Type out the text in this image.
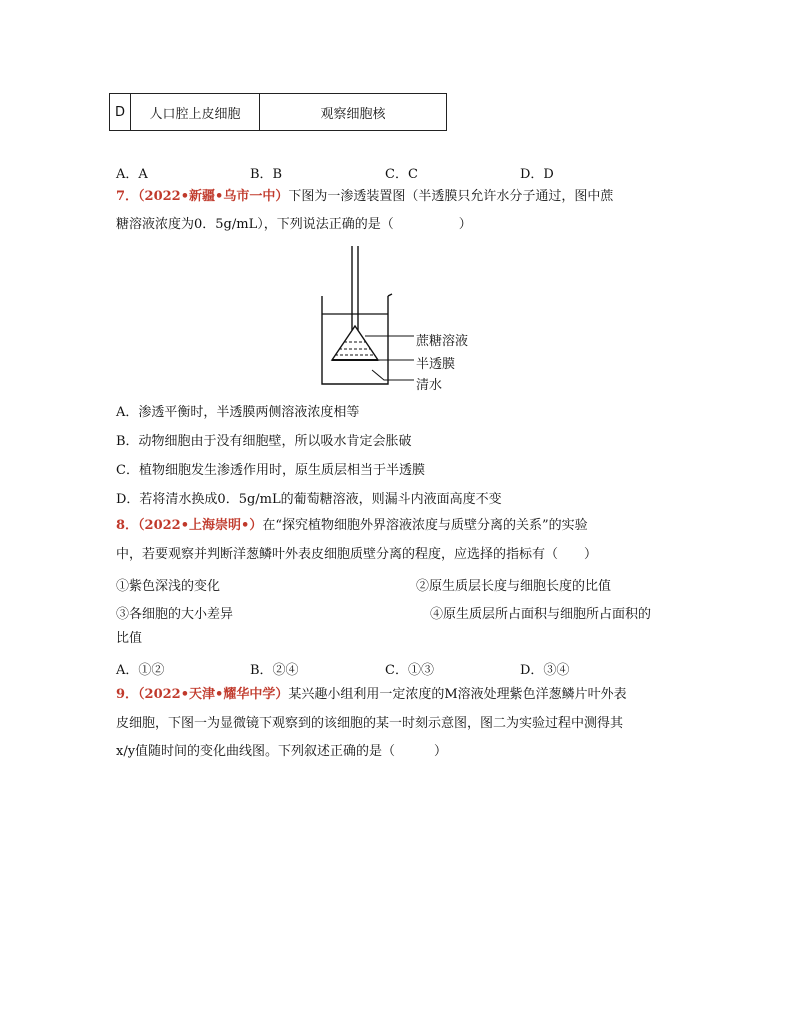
D	人口腔上皮细胞	观察细胞核
A．A	B．B	C．C	D．D
7．（2022•新疆•乌市一中）下图为一渗透装置图（半透膜只允许水分子通过，图中蔗
糖溶液浓度为0．5g/mL），下列说法正确的是（　　　　　）
蔗糖溶液
半透膜
清水
A．渗透平衡时，半透膜两侧溶液浓度相等
B．动物细胞由于没有细胞壁，所以吸水肯定会胀破
C．植物细胞发生渗透作用时，原生质层相当于半透膜
D．若将清水换成0．5g/mL的葡萄糖溶液，则漏斗内液面高度不变
8．（2022•上海崇明•）在“探究植物细胞外界溶液浓度与质壁分离的关系”的实验
中，若要观察并判断洋葱鳞叶外表皮细胞质壁分离的程度，应选择的指标有（　　）
①紫色深浅的变化	②原生质层长度与细胞长度的比值
③各细胞的大小差异	④原生质层所占面积与细胞所占面积的
比值
A．①②	B．②④	C．①③	D．③④
9．（2022•天津•耀华中学）某兴趣小组利用一定浓度的M溶液处理紫色洋葱鳞片叶外表
皮细胞，下图一为显微镜下观察到的该细胞的某一时刻示意图，图二为实验过程中测得其
x/y值随时间的变化曲线图。下列叙述正确的是（　　　）
